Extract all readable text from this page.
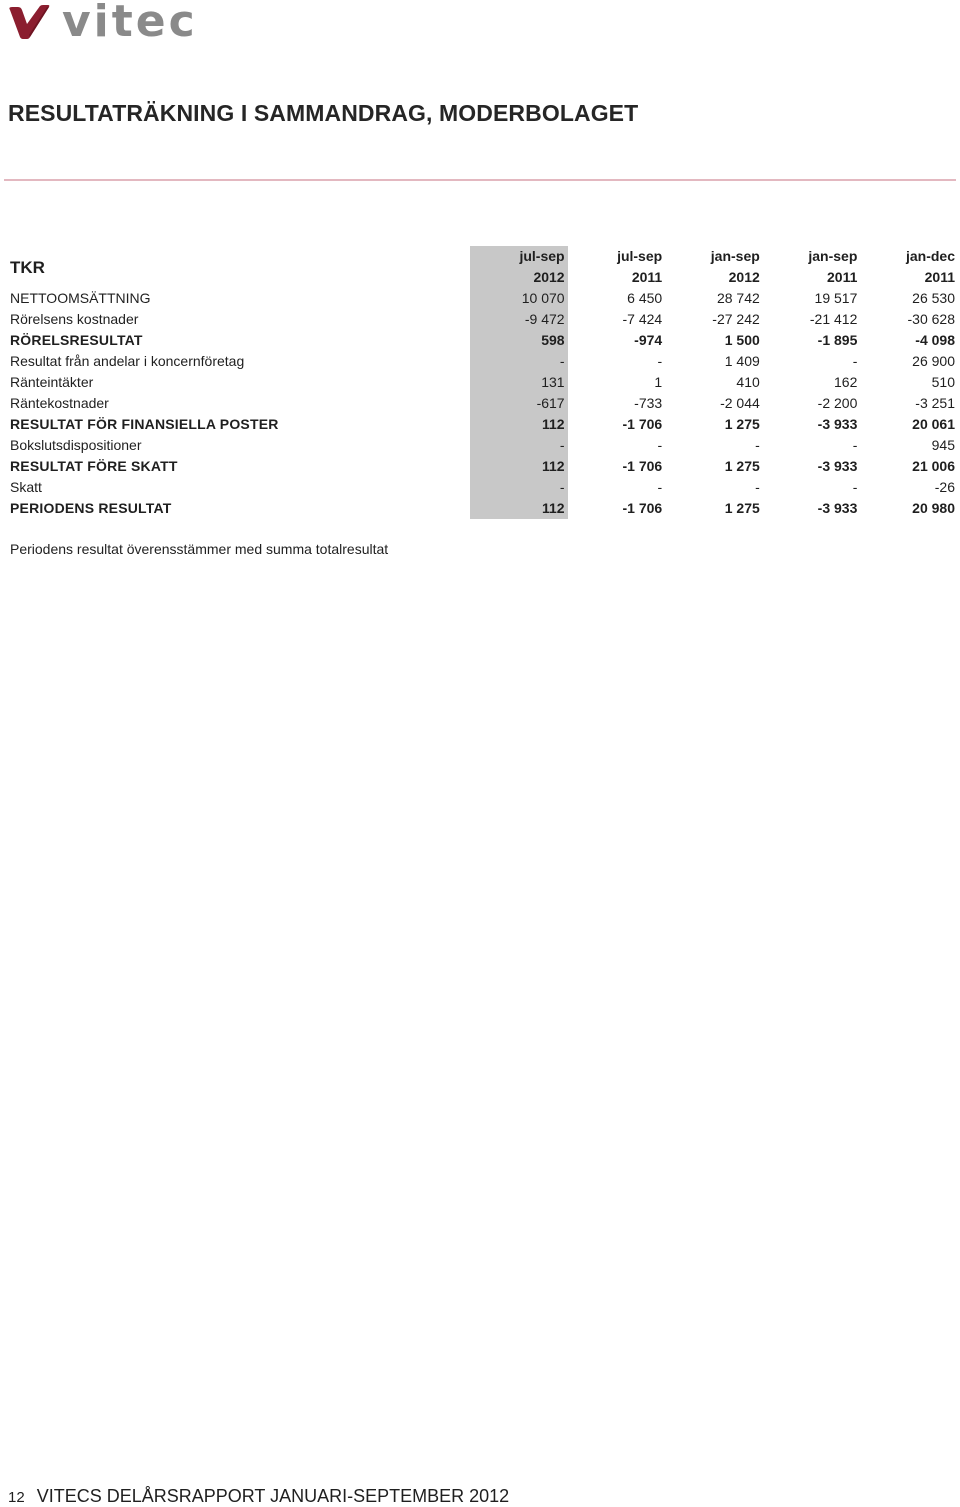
vitec
RESULTATRÄKNING I SAMMANDRAG, MODERBOLAGET
TKR	jul-sep	jul-sep	jan-sep	jan-sep	jan-dec
	2012	2011	2012	2011	2011
NETTOOMSÄTTNING	10 070	6 450	28 742	19 517	26 530
Rörelsens kostnader	-9 472	-7 424	-27 242	-21 412	-30 628
RÖRELSRESULTAT	598	-974	1 500	-1 895	-4 098
Resultat från andelar i koncernföretag	-	-	1 409	-	26 900
Ränteintäkter	131	1	410	162	510
Räntekostnader	-617	-733	-2 044	-2 200	-3 251
RESULTAT FÖR FINANSIELLA POSTER	112	-1 706	1 275	-3 933	20 061
Bokslutsdispositioner	-	-	-	-	945
RESULTAT FÖRE SKATT	112	-1 706	1 275	-3 933	21 006
Skatt	-	-	-	-	-26
PERIODENS RESULTAT	112	-1 706	1 275	-3 933	20 980
Periodens resultat överensstämmer med summa totalresultat
12 VITECS DELÅRSRAPPORT JANUARI-SEPTEMBER 2012
